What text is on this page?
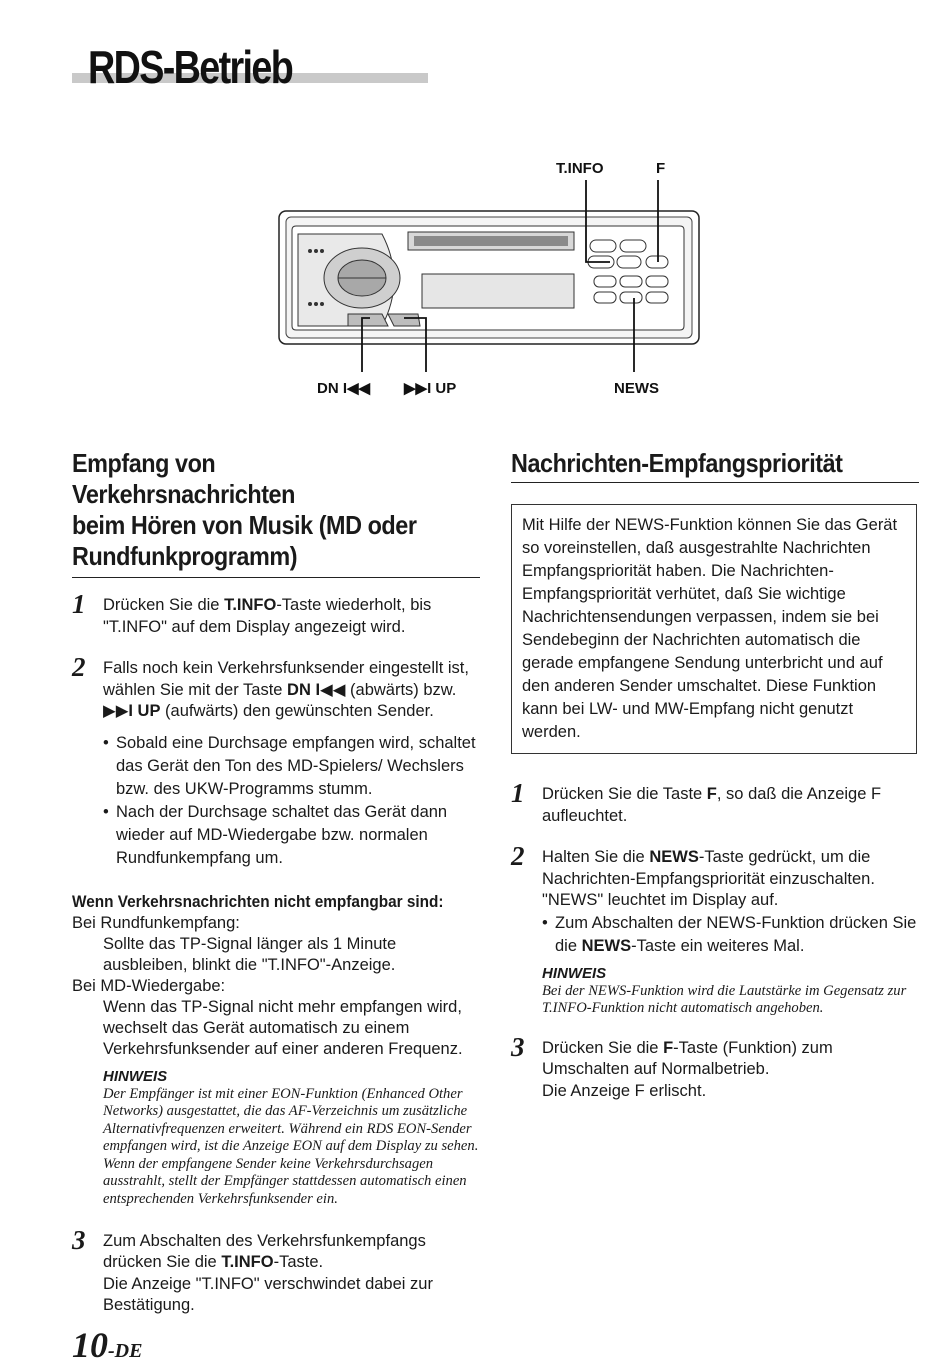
RDS-Betrieb
T.INFO	F
DN I◀◀ ▶▶I UP	NEWS
Empfang von Verkehrsnachrichten
beim Hören von Musik (MD oder
Rundfunkprogramm)
1 Drücken Sie die T.INFO-Taste wiederholt, bis "T.INFO" auf dem Display angezeigt wird.
2 Falls noch kein Verkehrsfunksender eingestellt ist, wählen Sie mit der Taste DN I◀◀ (abwärts) bzw. ▶▶I UP (aufwärts) den gewünschten Sender.
• Sobald eine Durchsage empfangen wird, schaltet das Gerät den Ton des MD-Spielers/ Wechslers bzw. des UKW-Programms stumm.
• Nach der Durchsage schaltet das Gerät dann wieder auf MD-Wiedergabe bzw. normalen Rundfunkempfang um.
Wenn Verkehrsnachrichten nicht empfangbar sind:
Bei Rundfunkempfang:
Sollte das TP-Signal länger als 1 Minute ausbleiben, blinkt die "T.INFO"-Anzeige.
Bei MD-Wiedergabe:
Wenn das TP-Signal nicht mehr empfangen wird, wechselt das Gerät automatisch zu einem Verkehrsfunksender auf einer anderen Frequenz.
HINWEIS
Der Empfänger ist mit einer EON-Funktion (Enhanced Other Networks) ausgestattet, die das AF-Verzeichnis um zusätzliche Alternativfrequenzen erweitert. Während ein RDS EON-Sender empfangen wird, ist die Anzeige EON auf dem Display zu sehen. Wenn der empfangene Sender keine Verkehrsdurchsagen ausstrahlt, stellt der Empfänger stattdessen automatisch einen entsprechenden Verkehrsfunksender ein.
3 Zum Abschalten des Verkehrsfunkempfangs
drücken Sie die T.INFO-Taste.
Die Anzeige "T.INFO" verschwindet dabei zur Bestätigung.
Nachrichten-Empfangspriorität
Mit Hilfe der NEWS-Funktion können Sie das Gerät so voreinstellen, daß ausgestrahlte Nachrichten Empfangspriorität haben. Die Nachrichten-Empfangspriorität verhütet, daß Sie wichtige Nachrichtensendungen verpassen, indem sie bei Sendebeginn der Nachrichten automatisch die gerade empfangene Sendung unterbricht und auf den anderen Sender umschaltet. Diese Funktion kann bei LW- und MW-Empfang nicht genutzt werden.
1 Drücken Sie die Taste F, so daß die Anzeige F aufleuchtet.
2 Halten Sie die NEWS-Taste gedrückt, um die Nachrichten-Empfangspriorität einzuschalten. "NEWS" leuchtet im Display auf.
• Zum Abschalten der NEWS-Funktion drücken Sie die NEWS-Taste ein weiteres Mal.
HINWEIS
Bei der NEWS-Funktion wird die Lautstärke im Gegensatz zur T.INFO-Funktion nicht automatisch angehoben.
3 Drücken Sie die F-Taste (Funktion) zum Umschalten auf Normalbetrieb.
Die Anzeige F erlischt.
10-DE
